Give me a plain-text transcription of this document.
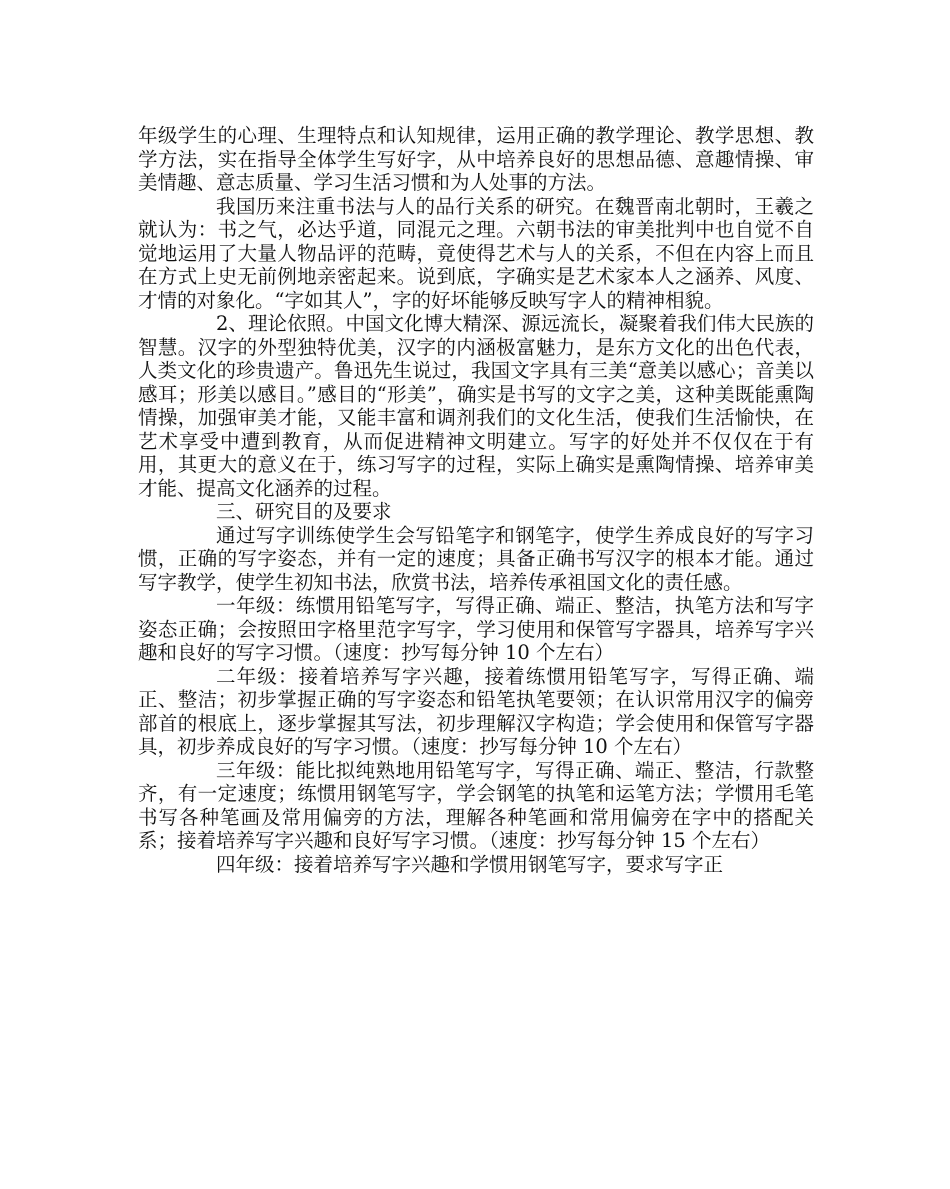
年级学生的心理、生理特点和认知规律，运用正确的教学理论、教学思想、教学方法，实在指导全体学生写好字，从中培养良好的思想品德、意趣情操、审美情趣、意志质量、学习生活习惯和为人处事的方法。

我国历来注重书法与人的品行关系的研究。在魏晋南北朝时，王羲之就认为：书之气，必达乎道，同混元之理。六朝书法的审美批判中也自觉不自觉地运用了大量人物品评的范畴，竟使得艺术与人的关系，不但在内容上而且在方式上史无前例地亲密起来。说到底，字确实是艺术家本人之涵养、风度、才情的对象化。“字如其人”，字的好坏能够反映写字人的精神相貌。

2、理论依照。中国文化博大精深、源远流长，凝聚着我们伟大民族的智慧。汉字的外型独特优美，汉字的内涵极富魅力，是东方文化的出色代表，人类文化的珍贵遗产。鲁迅先生说过，我国文字具有三美“意美以感心；音美以感耳；形美以感目。”感目的“形美”，确实是书写的文字之美，这种美既能熏陶情操，加强审美才能，又能丰富和调剂我们的文化生活，使我们生活愉快，在艺术享受中遭到教育，从而促进精神文明建立。写字的好处并不仅仅在于有用，其更大的意义在于，练习写字的过程，实际上确实是熏陶情操、培养审美才能、提高文化涵养的过程。

三、研究目的及要求

通过写字训练使学生会写铅笔字和钢笔字，使学生养成良好的写字习惯，正确的写字姿态，并有一定的速度；具备正确书写汉字的根本才能。通过写字教学，使学生初知书法，欣赏书法，培养传承祖国文化的责任感。

一年级：练惯用铅笔写字，写得正确、端正、整洁，执笔方法和写字姿态正确；会按照田字格里范字写字，学习使用和保管写字器具，培养写字兴趣和良好的写字习惯。（速度：抄写每分钟 10 个左右）

二年级：接着培养写字兴趣，接着练惯用铅笔写字，写得正确、端正、整洁；初步掌握正确的写字姿态和铅笔执笔要领；在认识常用汉字的偏旁部首的根底上，逐步掌握其写法，初步理解汉字构造；学会使用和保管写字器具，初步养成良好的写字习惯。（速度：抄写每分钟 10 个左右）

三年级：能比拟纯熟地用铅笔写字，写得正确、端正、整洁，行款整齐，有一定速度；练惯用钢笔写字，学会钢笔的执笔和运笔方法；学惯用毛笔书写各种笔画及常用偏旁的方法，理解各种笔画和常用偏旁在字中的搭配关系；接着培养写字兴趣和良好写字习惯。（速度：抄写每分钟 15 个左右）

四年级：接着培养写字兴趣和学惯用钢笔写字，要求写字正
